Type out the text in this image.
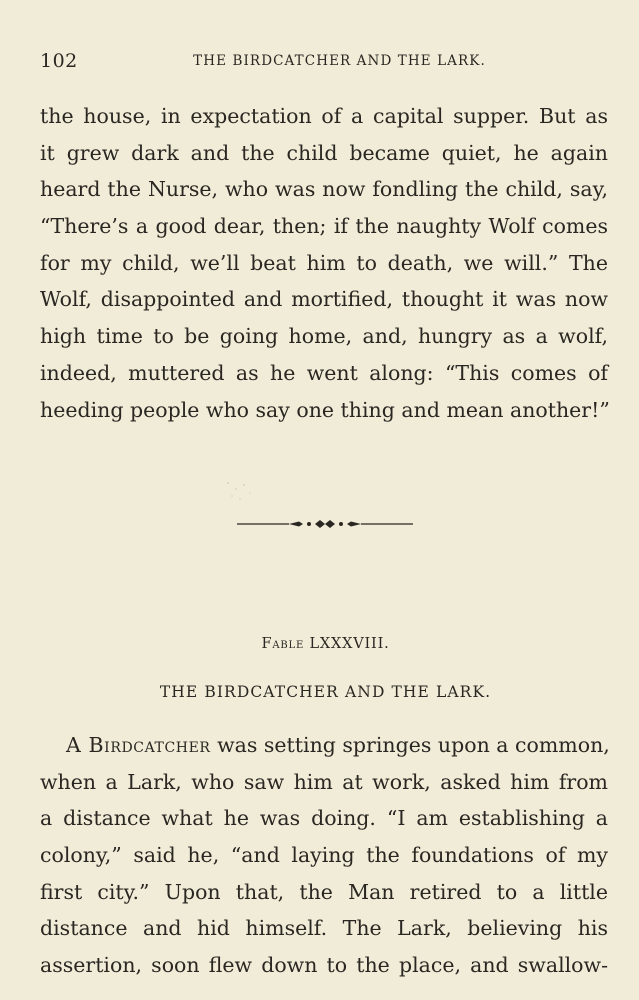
102	THE BIRDCATCHER AND THE LARK.
the house, in expectation of a capital supper. But as
it grew dark and the child became quiet, he again
heard the Nurse, who was now fondling the child, say,
“There’s a good dear, then; if the naughty Wolf comes
for my child, we’ll beat him to death, we will.” The
Wolf, disappointed and mortified, thought it was now
high time to be going home, and, hungry as a wolf,
indeed, muttered as he went along: “This comes of
heeding people who say one thing and mean another!”
Fable LXXXVIII.
THE BIRDCATCHER AND THE LARK.
A Birdcatcher was setting springes upon a common,
when a Lark, who saw him at work, asked him from
a distance what he was doing. “I am establishing a
colony,” said he, “and laying the foundations of my
first city.” Upon that, the Man retired to a little
distance and hid himself. The Lark, believing his
assertion, soon flew down to the place, and swallow-
